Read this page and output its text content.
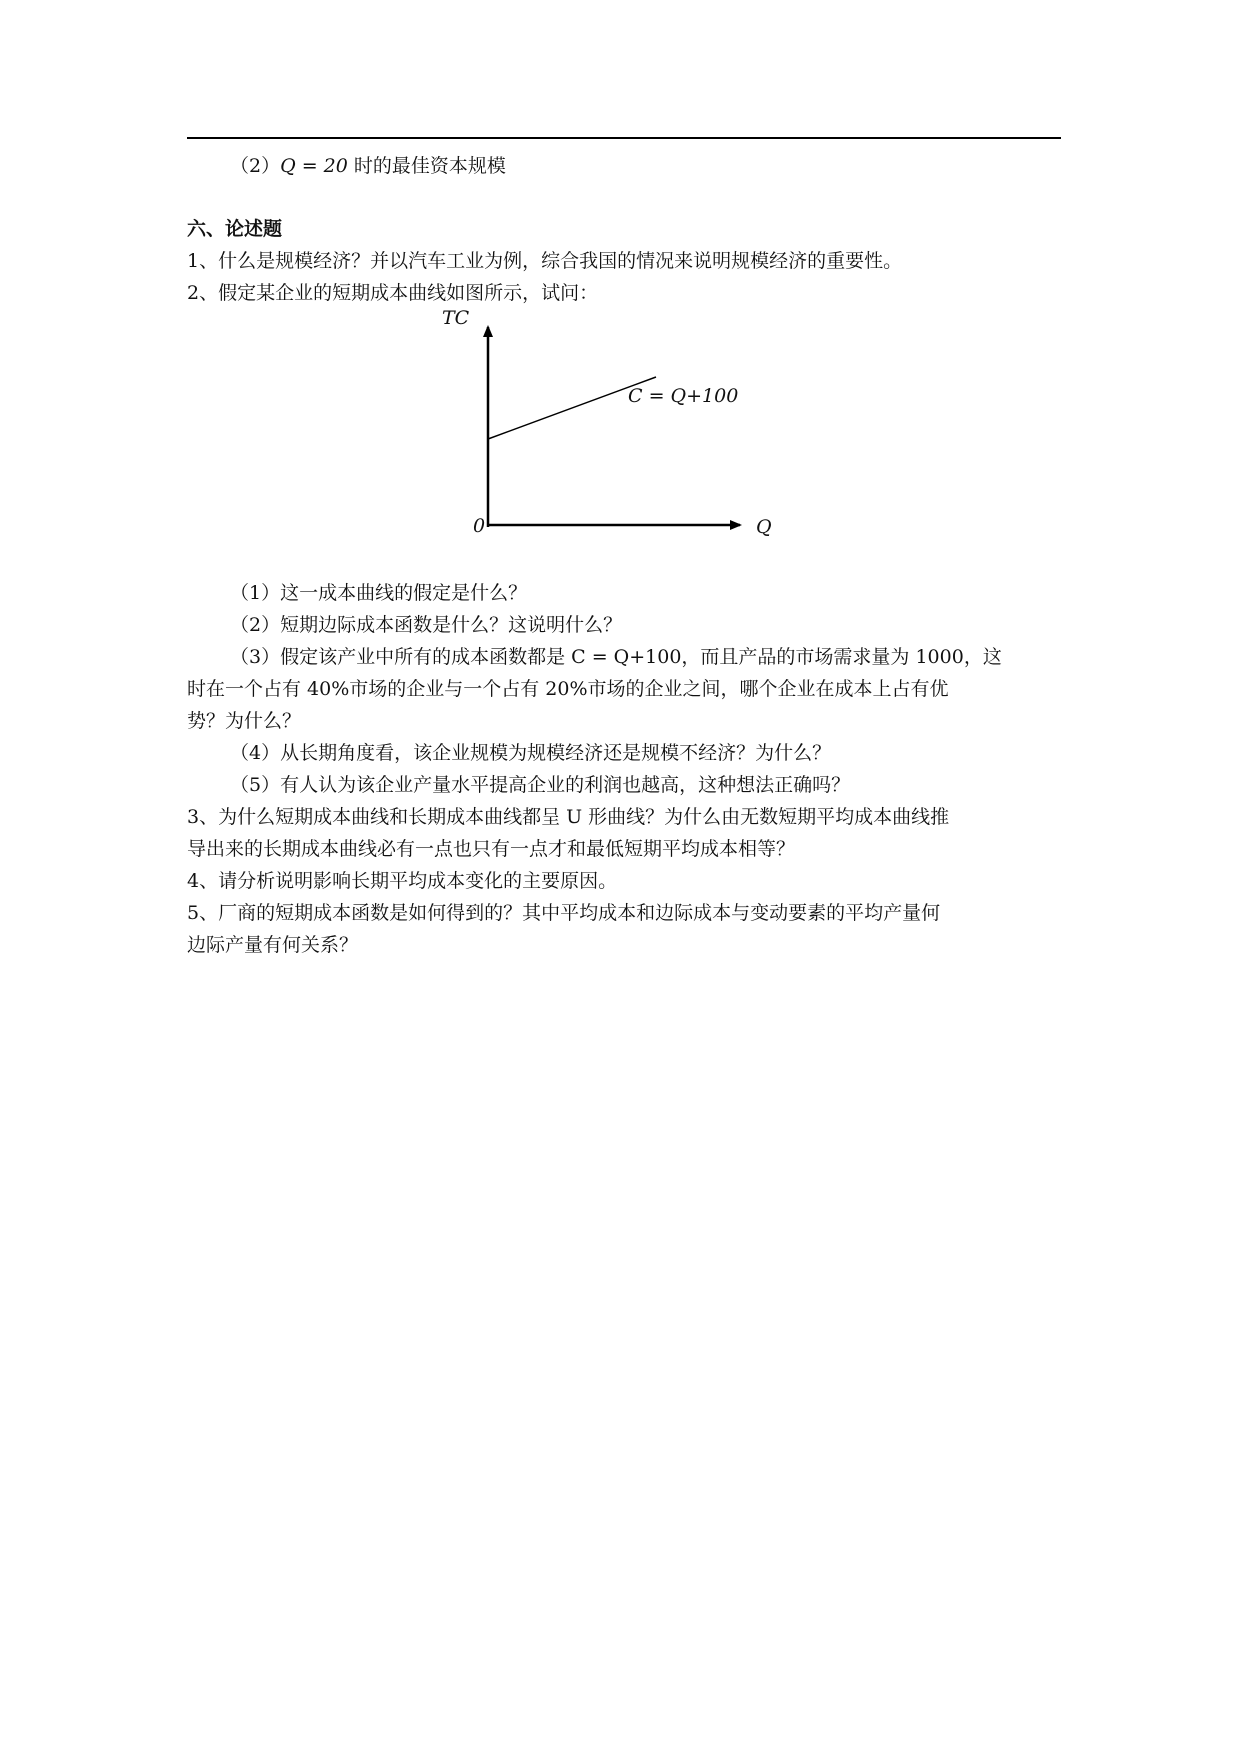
（2）Q = 20 时的最佳资本规模
六、论述题
1、什么是规模经济？并以汽车工业为例，综合我国的情况来说明规模经济的重要性。
2、假定某企业的短期成本曲线如图所示，试问：
TC
0	Q
C = Q+100
（1）这一成本曲线的假定是什么？
（2）短期边际成本函数是什么？这说明什么？
（3）假定该产业中所有的成本函数都是 C = Q+100，而且产品的市场需求量为 1000，这
时在一个占有 40%市场的企业与一个占有 20%市场的企业之间，哪个企业在成本上占有优
势？为什么？
（4）从长期角度看，该企业规模为规模经济还是规模不经济？为什么？
（5）有人认为该企业产量水平提高企业的利润也越高，这种想法正确吗？
3、为什么短期成本曲线和长期成本曲线都呈 U 形曲线？为什么由无数短期平均成本曲线推
导出来的长期成本曲线必有一点也只有一点才和最低短期平均成本相等？
4、请分析说明影响长期平均成本变化的主要原因。
5、厂商的短期成本函数是如何得到的？其中平均成本和边际成本与变动要素的平均产量何
边际产量有何关系？
